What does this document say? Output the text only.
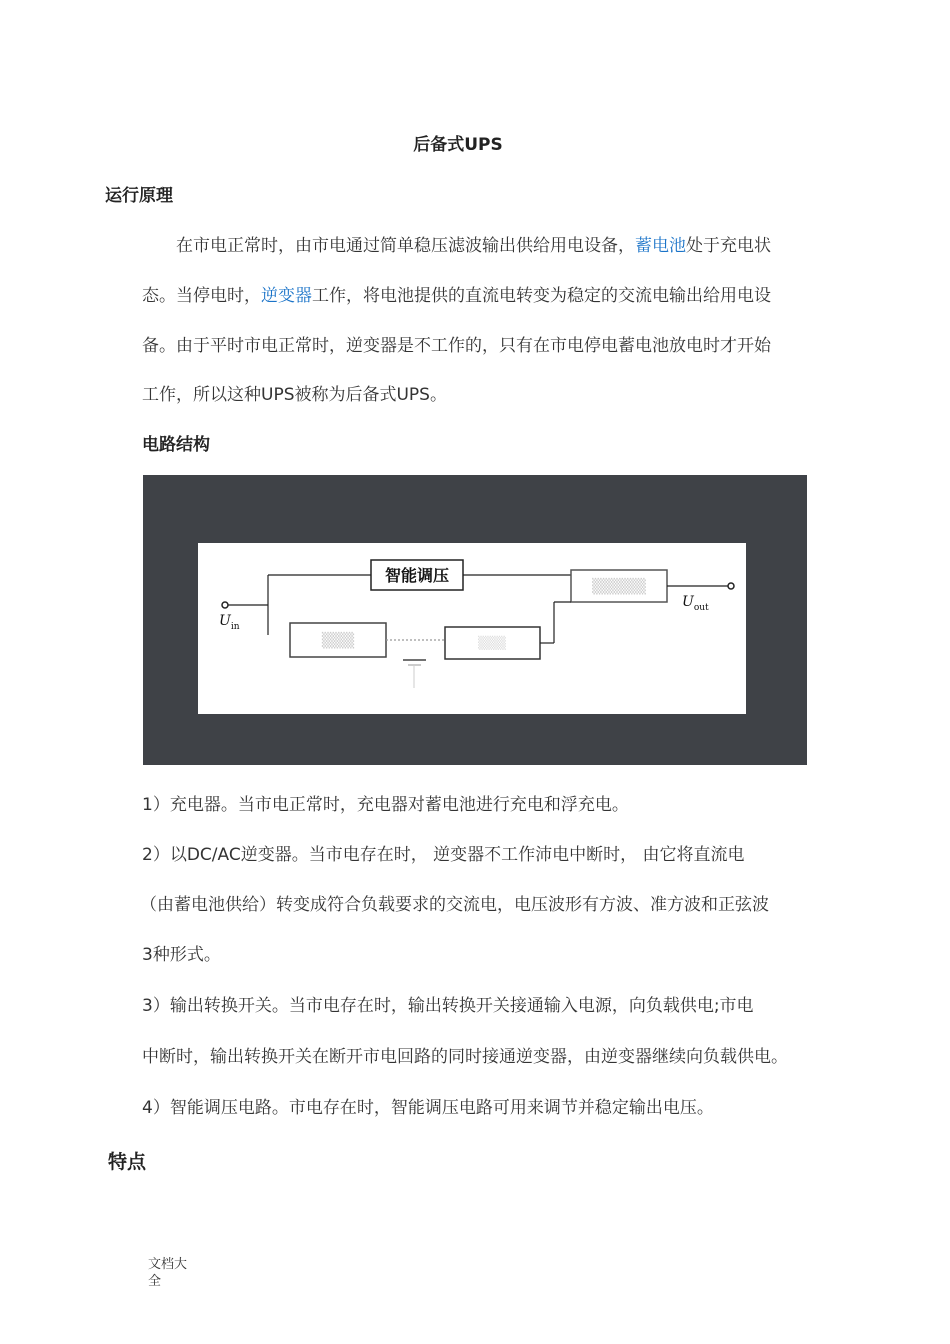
后备式UPS
运行原理
在市电正常时，由市电通过简单稳压滤波输出供给用电设备，蓄电池处于充电状
态。当停电时，逆变器工作，将电池提供的直流电转变为稳定的交流电输出给用电设
备。由于平时市电正常时，逆变器是不工作的，只有在市电停电蓄电池放电时才开始
工作，所以这种UPS被称为后备式UPS。
电路结构
智能调压
▒▒▒▒▒
▒▒▒	▒▒▒
$U_{in}$
$U_{out}$
1）充电器。当市电正常时，充电器对蓄电池进行充电和浮充电。
2）以DC/AC逆变器。当市电存在时， 逆变器不工作沛电中断时， 由它将直流电
（由蓄电池供给）转变成符合负载要求的交流电，电压波形有方波、准方波和正弦波
3种形式。
3）输出转换开关。当市电存在时，输出转换开关接通输入电源，向负载供电;市电
中断时，输出转换开关在断开市电回路的同时接通逆变器，由逆变器继续向负载供电。
4）智能调压电路。市电存在时，智能调压电路可用来调节并稳定输出电压。
特点
文档大全
